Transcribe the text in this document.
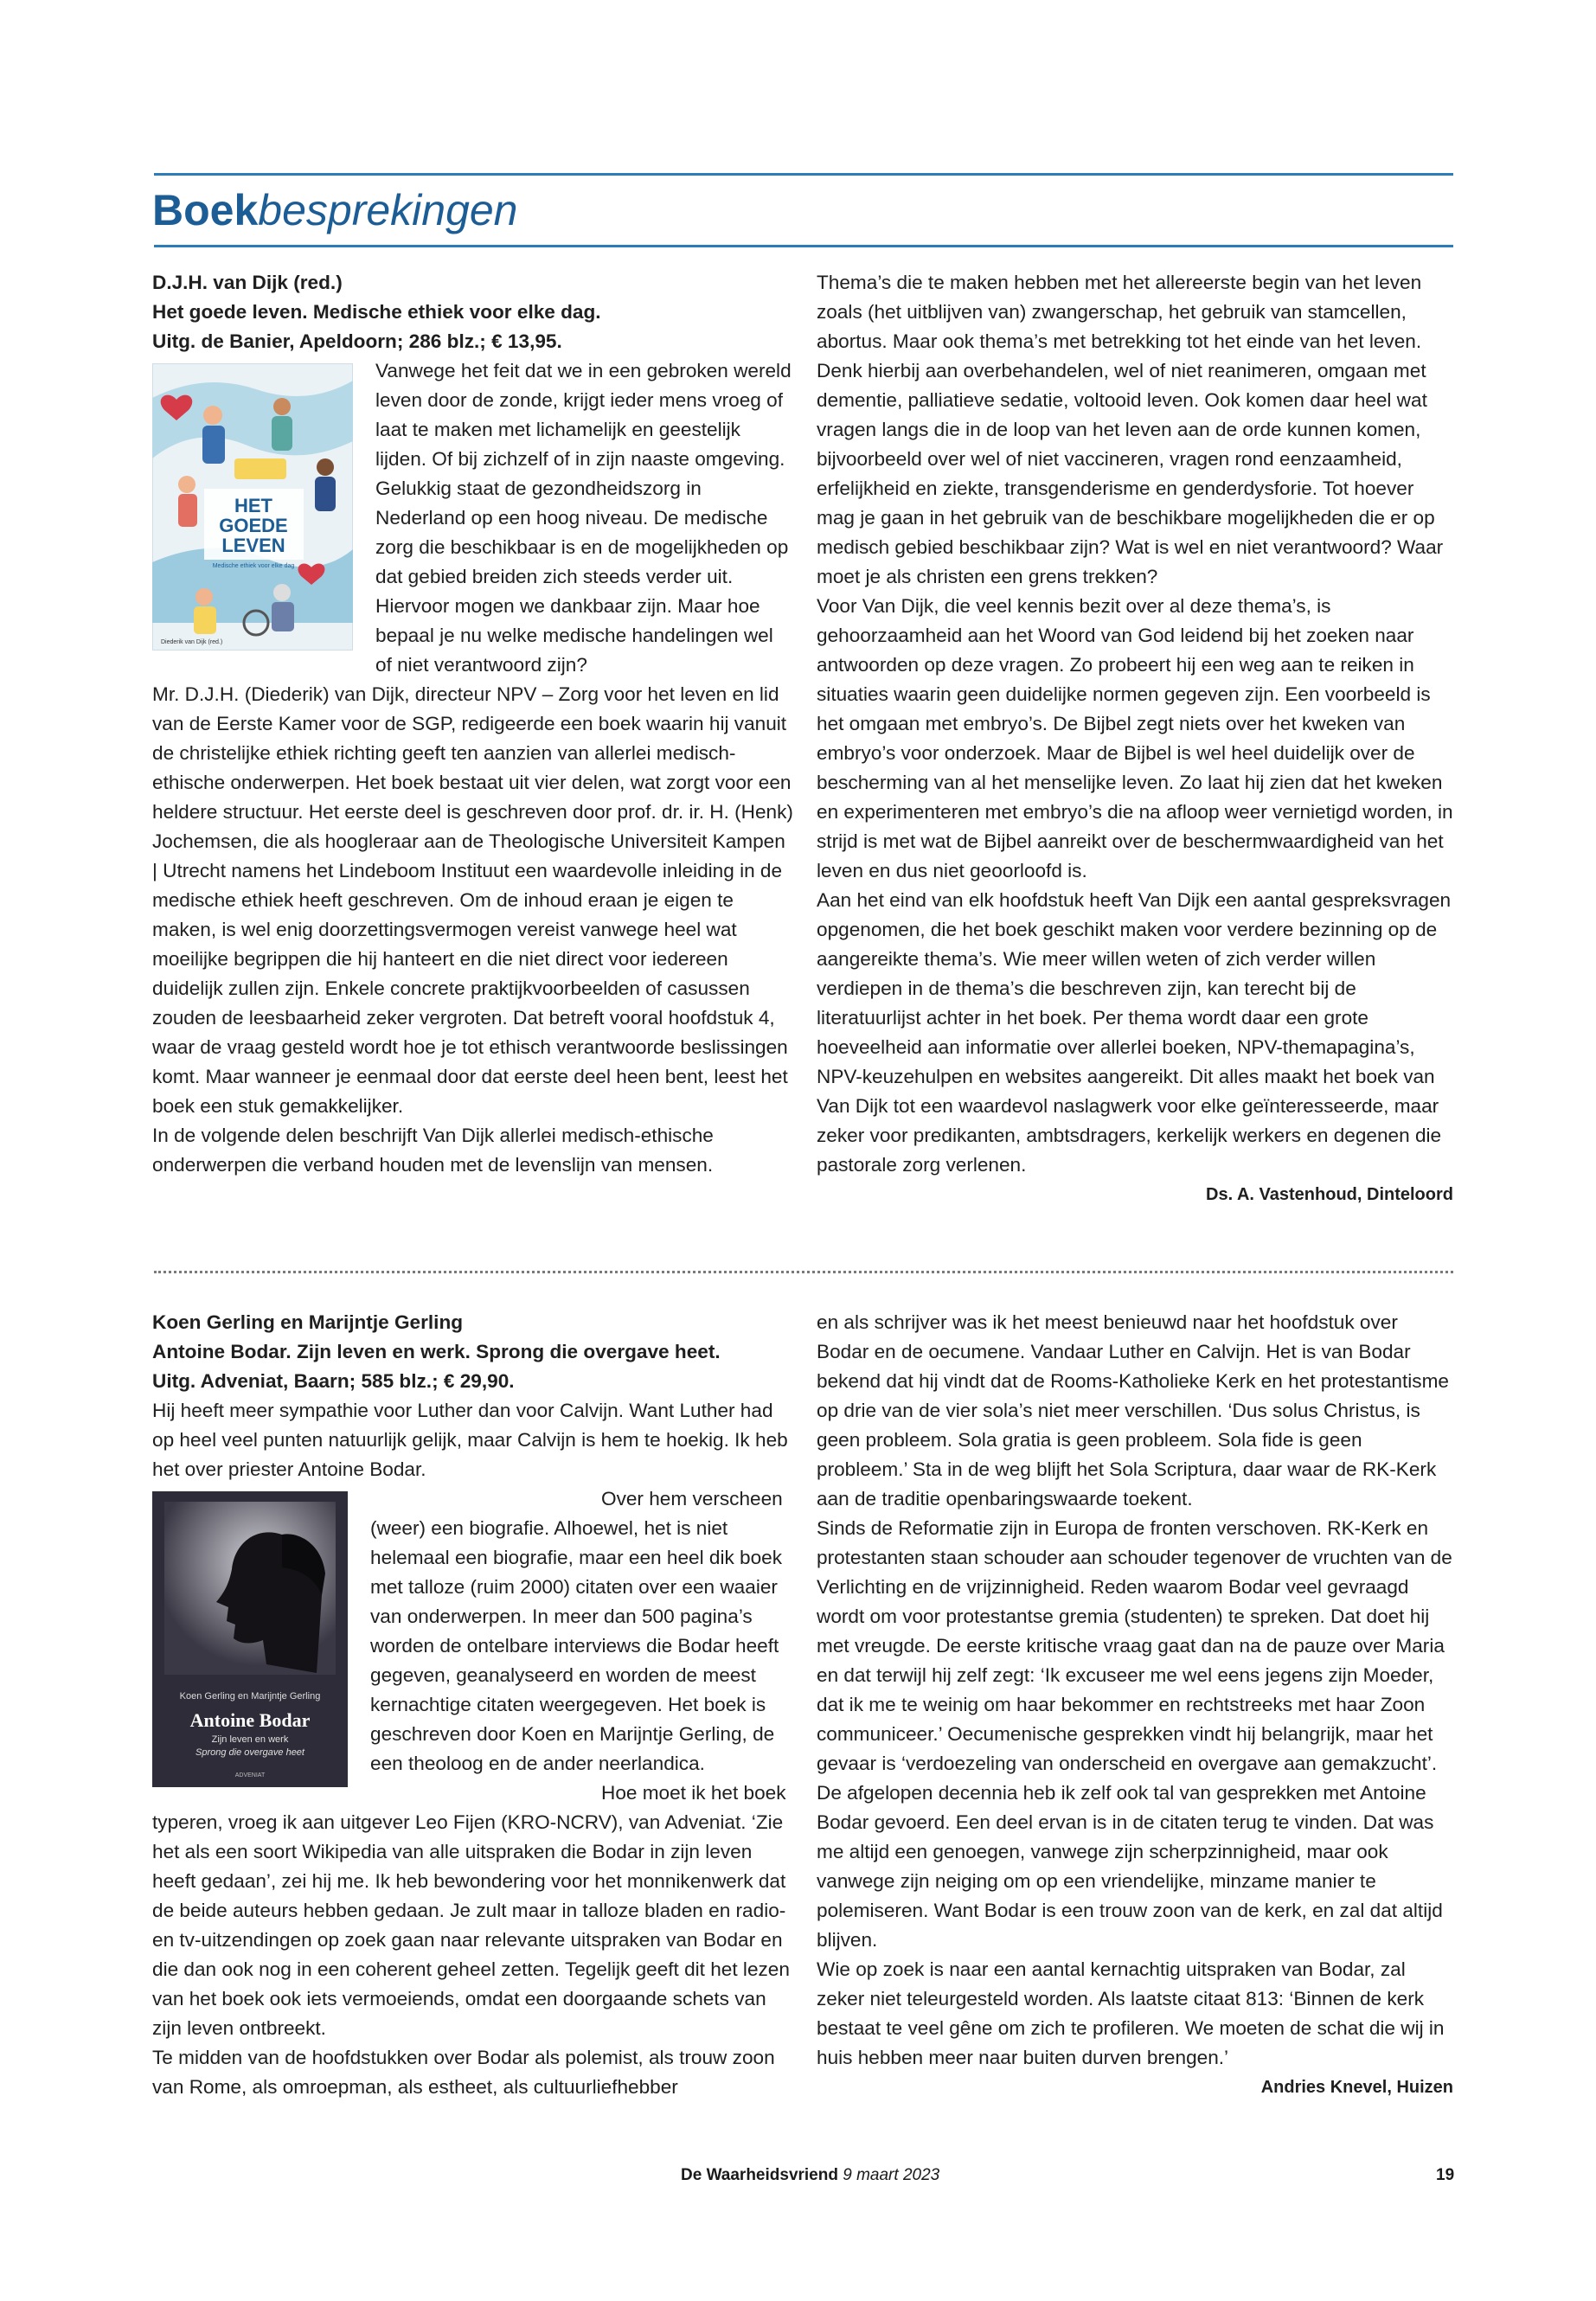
Boekbesprekingen

D.J.H. van Dijk (red.)

Het goede leven. Medische ethiek voor elke dag.

Uitg. de Banier, Apeldoorn; 286 blz.; € 13,95.

HET
GOEDE
LEVEN
Medische ethiek voor elke dag
Diederik van Dijk (red.)

Vanwege het feit dat we in een gebroken wereld leven door de zonde, krijgt ieder mens vroeg of laat te maken met lichamelijk en geestelijk lijden. Of bij zichzelf of in zijn naaste omgeving. Gelukkig staat de gezondheidszorg in Nederland op een hoog niveau. De medische zorg die beschikbaar is en de mogelijkheden op dat gebied breiden zich steeds verder uit. Hiervoor mogen we dankbaar zijn. Maar hoe bepaal je nu welke medische handelingen wel of niet verantwoord zijn?

Mr. D.J.H. (Diederik) van Dijk, directeur NPV – Zorg voor het leven en lid van de Eerste Kamer voor de SGP, redigeerde een boek waarin hij vanuit de christelijke ethiek richting geeft ten aanzien van allerlei medisch-ethische onderwerpen. Het boek bestaat uit vier delen, wat zorgt voor een heldere structuur. Het eerste deel is geschreven door prof. dr. ir. H. (Henk) Jochemsen, die als hoogleraar aan de Theologische Universiteit Kampen | Utrecht namens het Lindeboom Instituut een waardevolle inleiding in de medische ethiek heeft geschreven. Om de inhoud eraan je eigen te maken, is wel enig doorzettingsvermogen vereist vanwege heel wat moeilijke begrippen die hij hanteert en die niet direct voor iedereen duidelijk zullen zijn. Enkele concrete praktijkvoorbeelden of casussen zouden de leesbaarheid zeker vergroten. Dat betreft vooral hoofdstuk 4, waar de vraag gesteld wordt hoe je tot ethisch verantwoorde beslissingen komt. Maar wanneer je eenmaal door dat eerste deel heen bent, leest het boek een stuk gemakkelijker.

In de volgende delen beschrijft Van Dijk allerlei medisch-ethische onderwerpen die verband houden met de levenslijn van mensen.

Thema’s die te maken hebben met het allereerste begin van het leven zoals (het uitblijven van) zwangerschap, het gebruik van stamcellen, abortus. Maar ook thema’s met betrekking tot het einde van het leven. Denk hierbij aan overbehandelen, wel of niet reanimeren, omgaan met dementie, palliatieve sedatie, voltooid leven. Ook komen daar heel wat vragen langs die in de loop van het leven aan de orde kunnen komen, bijvoorbeeld over wel of niet vaccineren, vragen rond eenzaamheid, erfelijkheid en ziekte, transgenderisme en genderdysforie. Tot hoever mag je gaan in het gebruik van de beschikbare mogelijkheden die er op medisch gebied beschikbaar zijn? Wat is wel en niet verantwoord? Waar moet je als christen een grens trekken?

Voor Van Dijk, die veel kennis bezit over al deze thema’s, is gehoorzaamheid aan het Woord van God leidend bij het zoeken naar antwoorden op deze vragen. Zo probeert hij een weg aan te reiken in situaties waarin geen duidelijke normen gegeven zijn. Een voorbeeld is het omgaan met embryo’s. De Bijbel zegt niets over het kweken van embryo’s voor onderzoek. Maar de Bijbel is wel heel duidelijk over de bescherming van al het menselijke leven. Zo laat hij zien dat het kweken en experimenteren met embryo’s die na afloop weer vernietigd worden, in strijd is met wat de Bijbel aanreikt over de beschermwaardigheid van het leven en dus niet geoorloofd is.

Aan het eind van elk hoofdstuk heeft Van Dijk een aantal gespreksvragen opgenomen, die het boek geschikt maken voor verdere bezinning op de aangereikte thema’s. Wie meer willen weten of zich verder willen verdiepen in de thema’s die beschreven zijn, kan terecht bij de literatuurlijst achter in het boek. Per thema wordt daar een grote hoeveelheid aan informatie over allerlei boeken, NPV-themapagina’s, NPV-keuzehulpen en websites aangereikt. Dit alles maakt het boek van Van Dijk tot een waardevol naslagwerk voor elke geïnteresseerde, maar zeker voor predikanten, ambtsdragers, kerkelijk werkers en degenen die pastorale zorg verlenen.

Ds. A. Vastenhoud, Dinteloord

Koen Gerling en Marijntje Gerling

Antoine Bodar. Zijn leven en werk. Sprong die overgave heet.

Uitg. Adveniat, Baarn; 585 blz.; € 29,90.

Hij heeft meer sympathie voor Luther dan voor Calvijn. Want Luther had op heel veel punten natuurlijk gelijk, maar Calvijn is hem te hoekig. Ik heb het over priester Antoine Bodar.

Koen Gerling en Marijntje Gerling
Antoine Bodar
Zijn leven en werk
Sprong die overgave heet
ADVENIAT

Over hem verscheen (weer) een biografie. Alhoewel, het is niet helemaal een biografie, maar een heel dik boek met talloze (ruim 2000) citaten over een waaier van onderwerpen. In meer dan 500 pagina’s worden de ontelbare interviews die Bodar heeft gegeven, geanalyseerd en worden de meest kernachtige citaten weergegeven. Het boek is geschreven door Koen en Marijntje Gerling, de een theoloog en de ander neerlandica.

Hoe moet ik het boek typeren, vroeg ik aan uitgever Leo Fijen (KRO-NCRV), van Adveniat. ‘Zie het als een soort Wikipedia van alle uitspraken die Bodar in zijn leven heeft gedaan’, zei hij me. Ik heb bewondering voor het monnikenwerk dat de beide auteurs hebben gedaan. Je zult maar in talloze bladen en radio- en tv-uitzendingen op zoek gaan naar relevante uitspraken van Bodar en die dan ook nog in een coherent geheel zetten. Tegelijk geeft dit het lezen van het boek ook iets vermoeiends, omdat een doorgaande schets van zijn leven ontbreekt.

Te midden van de hoofdstukken over Bodar als polemist, als trouw zoon van Rome, als omroepman, als estheet, als cultuurliefhebber

en als schrijver was ik het meest benieuwd naar het hoofdstuk over Bodar en de oecumene. Vandaar Luther en Calvijn. Het is van Bodar bekend dat hij vindt dat de Rooms-Katholieke Kerk en het protestantisme op drie van de vier sola’s niet meer verschillen. ‘Dus solus Christus, is geen probleem. Sola gratia is geen probleem. Sola fide is geen probleem.’ Sta in de weg blijft het Sola Scriptura, daar waar de RK-Kerk aan de traditie openbaringswaarde toekent.

Sinds de Reformatie zijn in Europa de fronten verschoven. RK-Kerk en protestanten staan schouder aan schouder tegenover de vruchten van de Verlichting en de vrijzinnigheid. Reden waarom Bodar veel gevraagd wordt om voor protestantse gremia (studenten) te spreken. Dat doet hij met vreugde. De eerste kritische vraag gaat dan na de pauze over Maria en dat terwijl hij zelf zegt: ‘Ik excuseer me wel eens jegens zijn Moeder, dat ik me te weinig om haar bekommer en rechtstreeks met haar Zoon communiceer.’ Oecumenische gesprekken vindt hij belangrijk, maar het gevaar is ‘verdoezeling van onderscheid en overgave aan gemakzucht’.

De afgelopen decennia heb ik zelf ook tal van gesprekken met Antoine Bodar gevoerd. Een deel ervan is in de citaten terug te vinden. Dat was me altijd een genoegen, vanwege zijn scherpzinnigheid, maar ook vanwege zijn neiging om op een vriendelijke, minzame manier te polemiseren. Want Bodar is een trouw zoon van de kerk, en zal dat altijd blijven.

Wie op zoek is naar een aantal kernachtig uitspraken van Bodar, zal zeker niet teleurgesteld worden. Als laatste citaat 813: ‘Binnen de kerk bestaat te veel gêne om zich te profileren. We moeten de schat die wij in huis hebben meer naar buiten durven brengen.’

Andries Knevel, Huizen

De Waarheidsvriend 9 maart 2023	19
